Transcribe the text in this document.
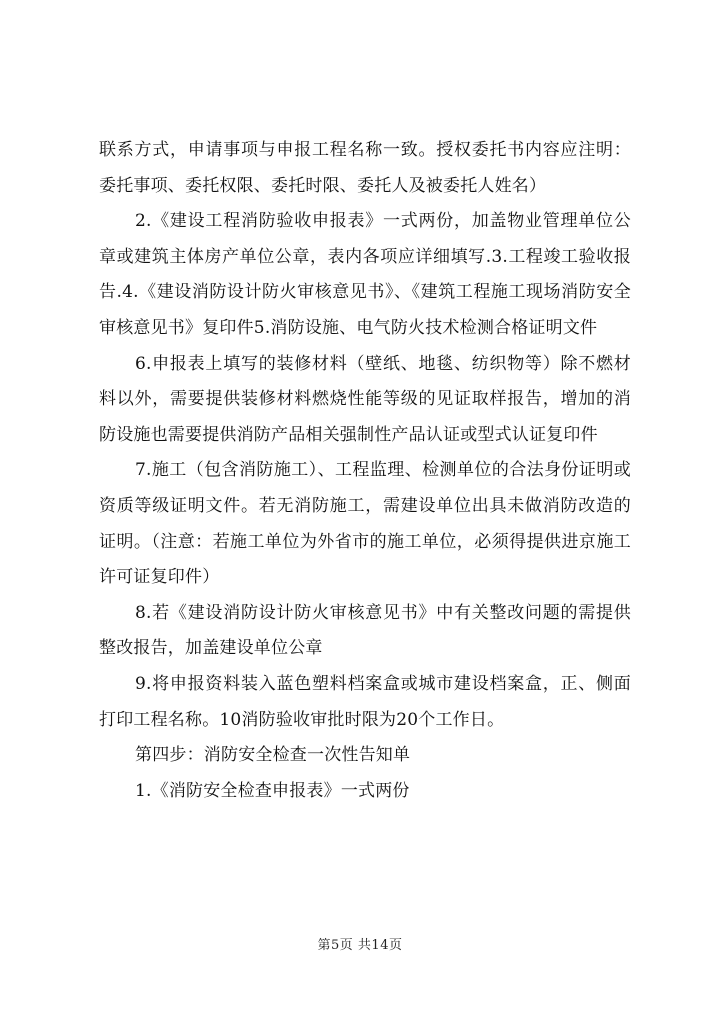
联系方式，申请事项与申报工程名称一致。授权委托书内容应注明：委托事项、委托权限、委托时限、委托人及被委托人姓名）

2.《建设工程消防验收申报表》一式两份，加盖物业管理单位公章或建筑主体房产单位公章，表内各项应详细填写.3.工程竣工验收报告.4.《建设消防设计防火审核意见书》、《建筑工程施工现场消防安全审核意见书》复印件5.消防设施、电气防火技术检测合格证明文件

6.申报表上填写的装修材料（壁纸、地毯、纺织物等）除不燃材料以外，需要提供装修材料燃烧性能等级的见证取样报告，增加的消防设施也需要提供消防产品相关强制性产品认证或型式认证复印件

7.施工（包含消防施工）、工程监理、检测单位的合法身份证明或资质等级证明文件。若无消防施工，需建设单位出具未做消防改造的证明。（注意：若施工单位为外省市的施工单位，必须得提供进京施工许可证复印件）

8.若《建设消防设计防火审核意见书》中有关整改问题的需提供整改报告，加盖建设单位公章

9.将申报资料装入蓝色塑料档案盒或城市建设档案盒，正、侧面打印工程名称。10消防验收审批时限为20个工作日。

第四步：消防安全检查一次性告知单

1.《消防安全检查申报表》一式两份

第5页 共14页
